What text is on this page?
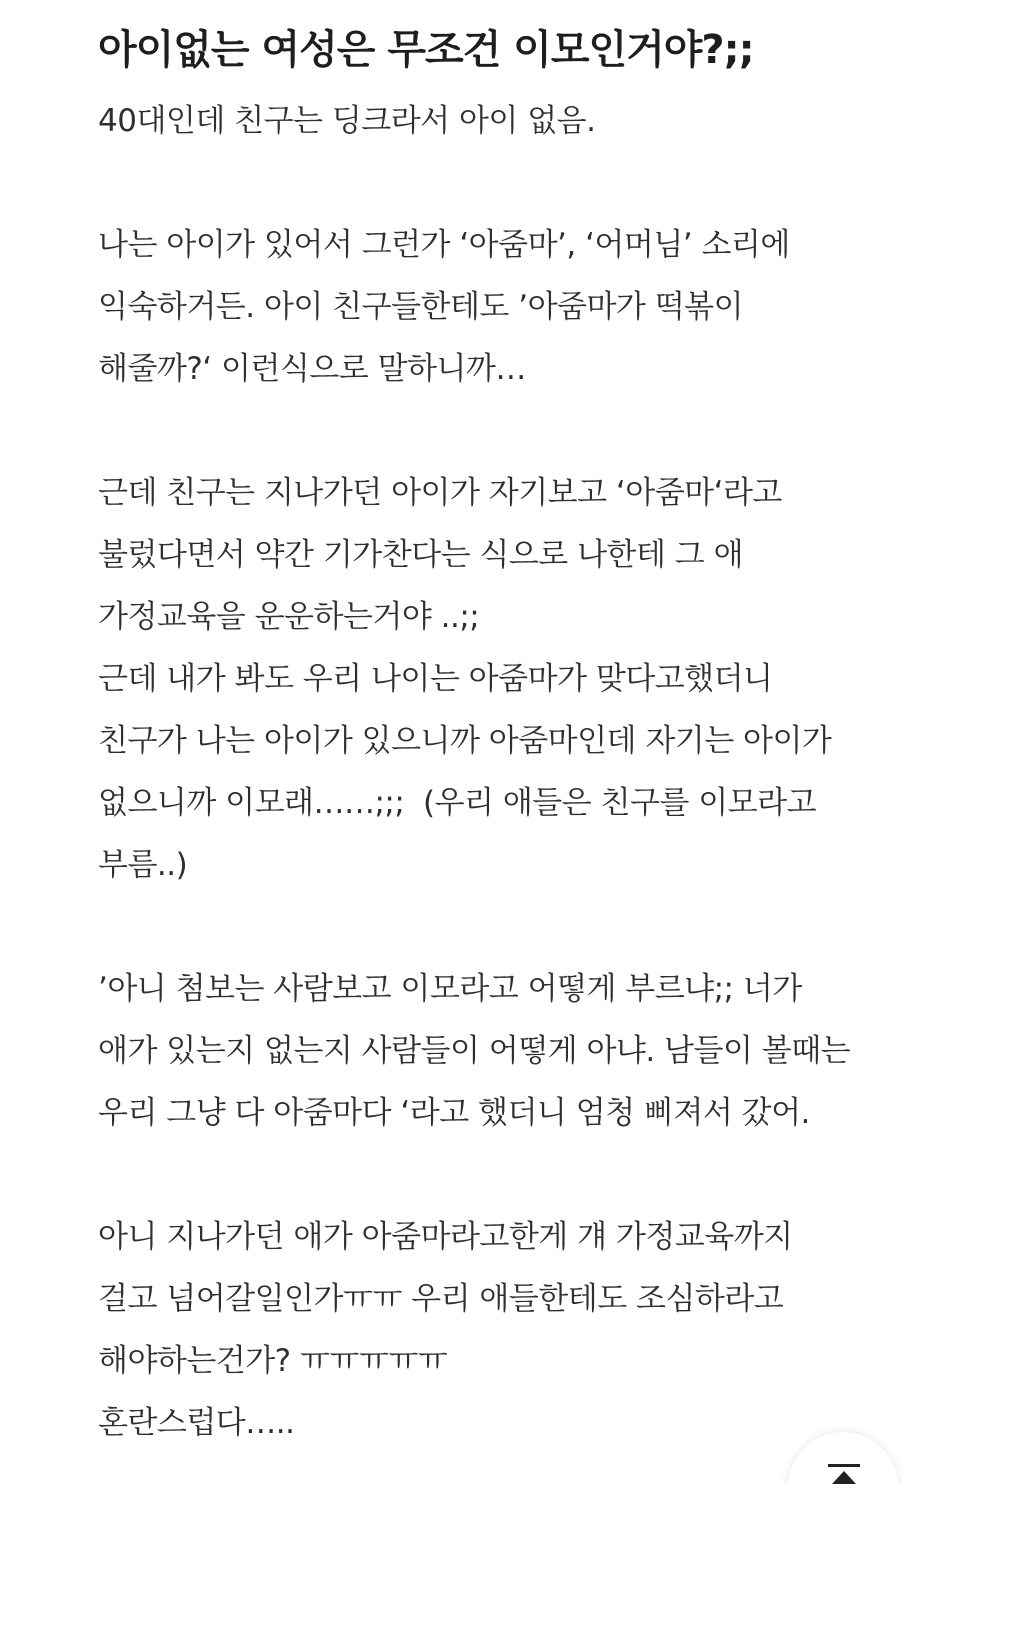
아이없는 여성은 무조건 이모인거야?;;
40대인데 친구는 딩크라서 아이 없음.
나는 아이가 있어서 그런가 ‘아줌마’, ‘어머님’ 소리에
익숙하거든. 아이 친구들한테도 ’아줌마가 떡볶이
해줄까?‘ 이런식으로 말하니까…
근데 친구는 지나가던 아이가 자기보고 ‘아줌마‘라고
불렀다면서 약간 기가찬다는 식으로 나한테 그 애
가정교육을 운운하는거야 ..;;
근데 내가 봐도 우리 나이는 아줌마가 맞다고했더니
친구가 나는 아이가 있으니까 아줌마인데 자기는 아이가
없으니까 이모래……;;;  (우리 애들은 친구를 이모라고
부름..)
’아니 첨보는 사람보고 이모라고 어떻게 부르냐;; 너가
애가 있는지 없는지 사람들이 어떻게 아냐. 남들이 볼때는
우리 그냥 다 아줌마다 ‘라고 했더니 엄청 삐져서 갔어.
아니 지나가던 애가 아줌마라고한게 걔 가정교육까지
걸고 넘어갈일인가ㅠㅠ 우리 애들한테도 조심하라고
해야하는건가? ㅠㅠㅠㅠㅠ
혼란스럽다…..
